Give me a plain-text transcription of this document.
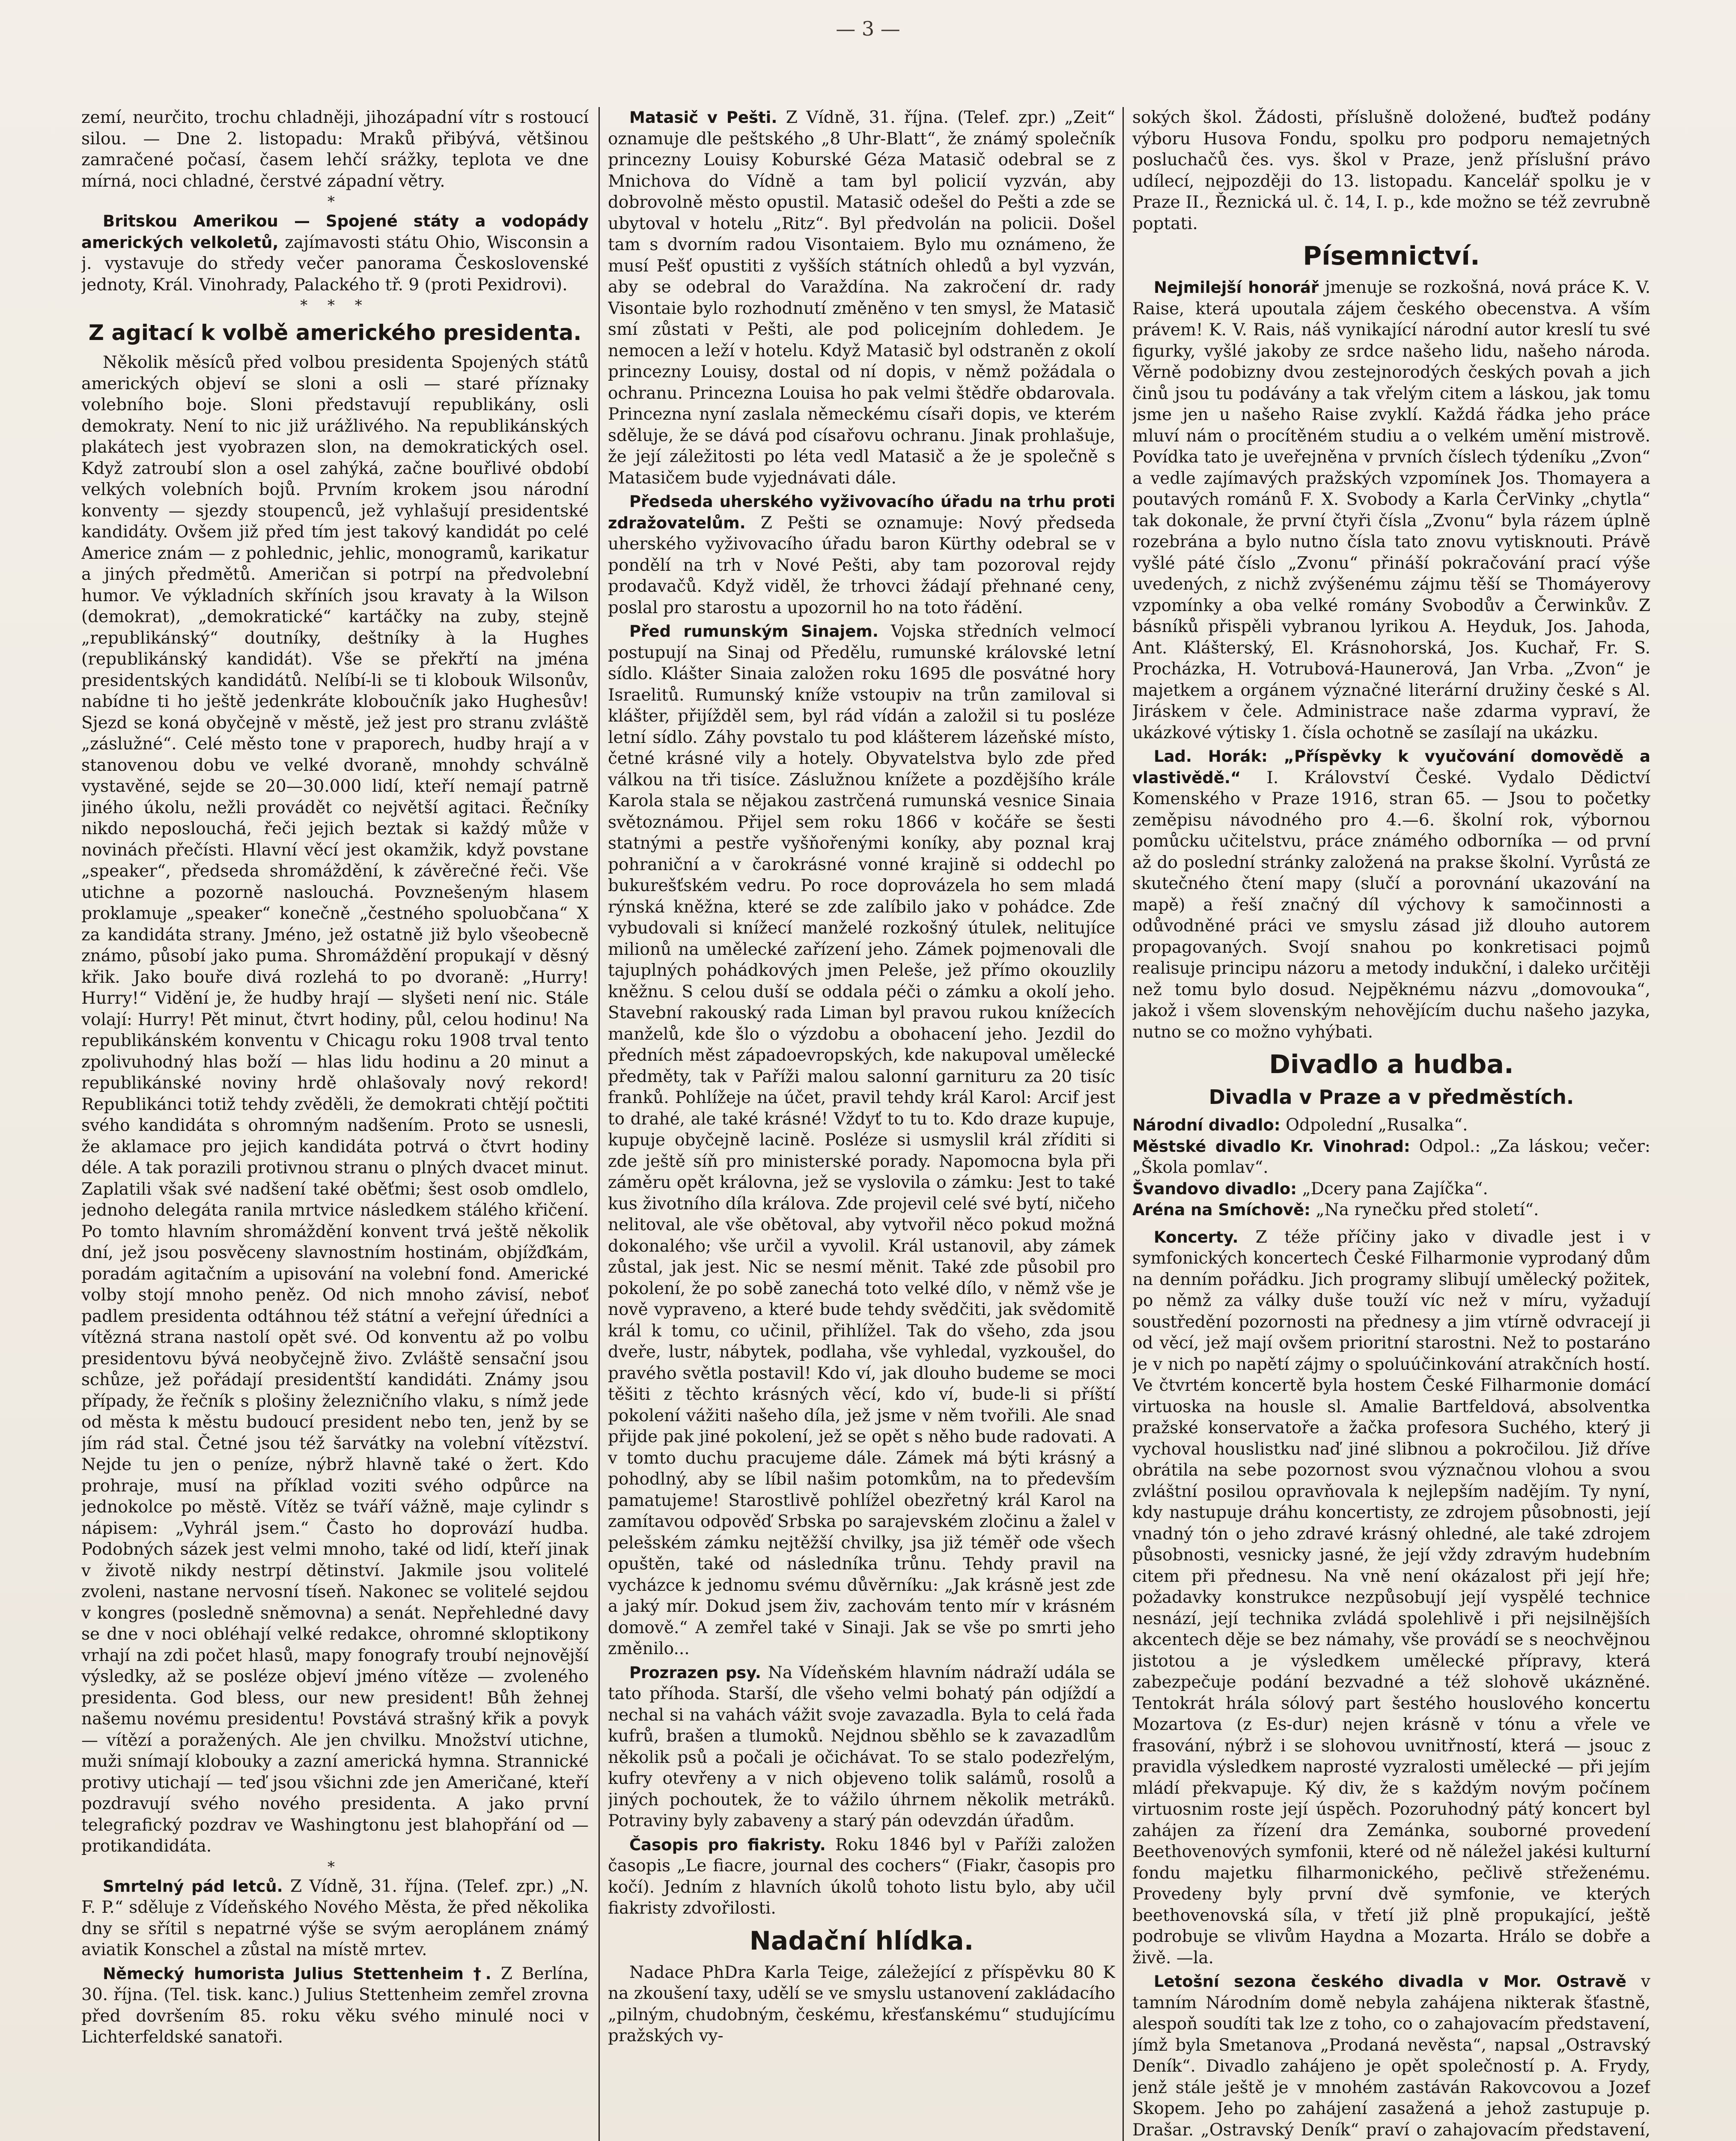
— 3 —

zemí, neurčito, trochu chladněji, jihozápadní vítr s rostoucí silou. — Dne 2. listopadu: Mraků přibývá, většinou zamračené počasí, časem lehčí srážky, teplota ve dne mírná, noci chladné, čerstvé západní větry.

*

Britskou Amerikou — Spojené státy a vodopády amerických velkoletů, zajímavosti státu Ohio, Wisconsin a j. vystavuje do středy večer panorama Československé jednoty, Král. Vinohrady, Palackého tř. 9 (proti Pexidrovi).

* * *
Z agitací k volbě amerického presidenta.

Několik měsíců před volbou presidenta Spojených států amerických objeví se sloni a osli — staré příznaky volebního boje. Sloni představují republikány, osli demokraty. Není to nic již urážlivého. Na republikánských plakátech jest vyobrazen slon, na demokratických osel. Když zatroubí slon a osel zahýká, začne bouřlivé období velkých volebních bojů. Prvním krokem jsou národní konventy — sjezdy stoupenců, jež vyhlašují presidentské kandidáty. Ovšem již před tím jest takový kandidát po celé Americe znám — z pohlednic, jehlic, monogramů, karikatur a jiných předmětů. Američan si potrpí na předvolební humor. Ve výkladních skříních jsou kravaty à la Wilson (demokrat), „demokratické“ kartáčky na zuby, stejně „republikánský“ doutníky, deštníky à la Hughes (republikánský kandidát). Vše se překřtí na jména presidentských kandidátů. Nelíbí-li se ti klobouk Wilsonův, nabídne ti ho ještě jedenkráte kloboučník jako Hughesův! Sjezd se koná obyčejně v městě, jež jest pro stranu zvláště „záslužné“. Celé město tone v praporech, hudby hrají a v stanovenou dobu ve velké dvoraně, mnohdy schválně vystavěné, sejde se 20—30.000 lidí, kteří nemají patrně jiného úkolu, nežli provádět co největší agitaci. Řečníky nikdo neposlouchá, řeči jejich beztak si každý může v novinách přečísti. Hlavní věcí jest okamžik, když povstane „speaker“, předseda shromáždění, k závěrečné řeči. Vše utichne a pozorně naslouchá. Povznešeným hlasem proklamuje „speaker“ konečně „čestného spoluobčana“ X za kandidáta strany. Jméno, jež ostatně již bylo všeobecně známo, působí jako puma. Shromáždění propukají v děsný křik. Jako bouře divá rozlehá to po dvoraně: „Hurry! Hurry!“ Vidění je, že hudby hrají — slyšeti není nic. Stále volají: Hurry! Pět minut, čtvrt hodiny, půl, celou hodinu! Na republikánském konventu v Chicagu roku 1908 trval tento zpolivuhodný hlas boží — hlas lidu hodinu a 20 minut a republikánské noviny hrdě ohlašovaly nový rekord! Republikánci totiž tehdy zvěděli, že demokrati chtějí počtiti svého kandidáta s ohromným nadšením. Proto se usnesli, že aklamace pro jejich kandidáta potrvá o čtvrt hodiny déle. A tak porazili protivnou stranu o plných dvacet minut. Zaplatili však své nadšení také oběťmi; šest osob omdlelo, jednoho delegáta ranila mrtvice následkem stálého křičení. Po tomto hlavním shromáždění konvent trvá ještě několik dní, jež jsou posvěceny slavnostním hostinám, objížďkám, poradám agitačním a upisování na volební fond. Americké volby stojí mnoho peněz. Od nich mnoho závisí, neboť padlem presidenta odtáhnou též státní a veřejní úředníci a vítězná strana nastolí opět své. Od konventu až po volbu presidentovu bývá neobyčejně živo. Zvláště sensační jsou schůze, jež pořádají presidentští kandidáti. Známy jsou případy, že řečník s plošiny železničního vlaku, s nímž jede od města k městu budoucí president nebo ten, jenž by se jím rád stal. Četné jsou též šarvátky na volební vítězství. Nejde tu jen o peníze, nýbrž hlavně také o žert. Kdo prohraje, musí na příklad voziti svého odpůrce na jednokolce po městě. Vítěz se tváří vážně, maje cylindr s nápisem: „Vyhrál jsem.“ Často ho doprovází hudba. Podobných sázek jest velmi mnoho, také od lidí, kteří jinak v životě nikdy nestrpí dětinství. Jakmile jsou volitelé zvoleni, nastane nervosní tíseň. Nakonec se volitelé sejdou v kongres (posledně sněmovna) a senát. Nepřehledné davy se dne v noci obléhají velké redakce, ohromné skloptikony vrhají na zdi počet hlasů, mapy fonografy troubí nejnovější výsledky, až se posléze objeví jméno vítěze — zvoleného presidenta. God bless, our new president! Bůh žehnej našemu novému presidentu! Povstává strašný křik a povyk — vítězí a poražených. Ale jen chvilku. Množství utichne, muži snímají klobouky a zazní americká hymna. Strannické protivy utichají — teď jsou všichni zde jen Američané, kteří pozdravují svého nového presidenta. A jako první telegrafický pozdrav ve Washingtonu jest blahopřání od — protikandidáta.

*

Smrtelný pád letců. Z Vídně, 31. října. (Telef. zpr.) „N. F. P.“ sděluje z Vídeňského Nového Města, že před několika dny se sřítil s nepatrné výše se svým aeroplánem známý aviatik Konschel a zůstal na místě mrtev.

Německý humorista Julius Stettenheim †. Z Berlína, 30. října. (Tel. tisk. kanc.) Julius Stettenheim zemřel zrovna před dovršením 85. roku věku svého minulé noci v Lichterfeldské sanatoři.

Matasič v Pešti. Z Vídně, 31. října. (Telef. zpr.) „Zeit“ oznamuje dle peštského „8 Uhr-Blatt“, že známý společník princezny Louisy Koburské Géza Matasič odebral se z Mnichova do Vídně a tam byl policií vyzván, aby dobrovolně město opustil. Matasič odešel do Pešti a zde se ubytoval v hotelu „Ritz“. Byl předvolán na policii. Došel tam s dvorním radou Visontaiem. Bylo mu oznámeno, že musí Pešť opustiti z vyšších státních ohledů a byl vyzván, aby se odebral do Varaždína. Na zakročení dr. rady Visontaie bylo rozhodnutí změněno v ten smysl, že Matasič smí zůstati v Pešti, ale pod policejním dohledem. Je nemocen a leží v hotelu. Když Matasič byl odstraněn z okolí princezny Louisy, dostal od ní dopis, v němž požádala o ochranu. Princezna Louisa ho pak velmi štědře obdarovala. Princezna nyní zaslala německému císaři dopis, ve kterém sděluje, že se dává pod císařovu ochranu. Jinak prohlašuje, že její záležitosti po léta vedl Matasič a že je společně s Matasičem bude vyjednávati dále.

Předseda uherského vyživovacího úřadu na trhu proti zdražovatelům. Z Pešti se oznamuje: Nový předseda uherského vyživovacího úřadu baron Kürthy odebral se v pondělí na trh v Nové Pešti, aby tam pozoroval rejdy prodavačů. Když viděl, že trhovci žádají přehnané ceny, poslal pro starostu a upozornil ho na toto řádění.

Před rumunským Sinajem. Vojska středních velmocí postupují na Sinaj od Předělu, rumunské královské letní sídlo. Klášter Sinaia založen roku 1695 dle posvátné hory Israelitů. Rumunský kníže vstoupiv na trůn zamiloval si klášter, přijížděl sem, byl rád vídán a založil si tu posléze letní sídlo. Záhy povstalo tu pod klášterem lázeňské místo, četné krásné vily a hotely. Obyvatelstva bylo zde před válkou na tři tisíce. Záslužnou knížete a pozdějšího krále Karola stala se nějakou zastrčená rumunská vesnice Sinaia světoznámou. Přijel sem roku 1866 v kočáře se šesti statnými a pestře vyšňořenými koníky, aby poznal kraj pohraniční a v čarokrásné vonné krajině si oddechl po bukurešťském vedru. Po roce doprovázela ho sem mladá rýnská kněžna, které se zde zalíbilo jako v pohádce. Zde vybudovali si knížecí manželé rozkošný útulek, nelitujíce milionů na umělecké zařízení jeho. Zámek pojmenovali dle tajuplných pohádkových jmen Peleše, jež přímo okouzlily kněžnu. S celou duší se oddala péči o zámku a okolí jeho. Stavební rakouský rada Liman byl pravou rukou knížecích manželů, kde šlo o výzdobu a obohacení jeho. Jezdil do předních měst západoevropských, kde nakupoval umělecké předměty, tak v Paříži malou salonní garnituru za 20 tisíc franků. Pohlížeje na účet, pravil tehdy král Karol: Arcif jest to drahé, ale také krásné! Vždyť to tu to. Kdo draze kupuje, kupuje obyčejně lacině. Posléze si usmyslil král zříditi si zde ještě síň pro ministerské porady. Napomocna byla při záměru opět královna, jež se vyslovila o zámku: Jest to také kus životního díla králova. Zde projevil celé své bytí, ničeho nelitoval, ale vše obětoval, aby vytvořil něco pokud možná dokonalého; vše určil a vyvolil. Král ustanovil, aby zámek zůstal, jak jest. Nic se nesmí měnit. Také zde působil pro pokolení, že po sobě zanechá toto velké dílo, v němž vše je nově vypraveno, a které bude tehdy svědčiti, jak svědomitě král k tomu, co učinil, přihlížel. Tak do všeho, zda jsou dveře, lustr, nábytek, podlaha, vše vyhledal, vyzkoušel, do pravého světla postavil! Kdo ví, jak dlouho budeme se moci těšiti z těchto krásných věcí, kdo ví, bude-li si příští pokolení vážiti našeho díla, jež jsme v něm tvořili. Ale snad přijde pak jiné pokolení, jež se opět s něho bude radovati. A v tomto duchu pracujeme dále. Zámek má býti krásný a pohodlný, aby se líbil našim potomkům, na to především pamatujeme! Starostlivě pohlížel obezřetný král Karol na zamítavou odpověď Srbska po sarajevském zločinu a žalel v pelešském zámku nejtěžší chvilky, jsa již téměř ode všech opuštěn, také od následníka trůnu. Tehdy pravil na vycházce k jednomu svému důvěrníku: „Jak krásně jest zde a jaký mír. Dokud jsem živ, zachovám tento mír v krásném domově.“ A zemřel také v Sinaji. Jak se vše po smrti jeho změnilo...

Prozrazen psy. Na Vídeňském hlavním nádraží udála se tato příhoda. Starší, dle všeho velmi bohatý pán odjíždí a nechal si na vahách vážit svoje zavazadla. Byla to celá řada kufrů, brašen a tlumoků. Nejdnou sběhlo se k zavazadlům několik psů a počali je očichávat. To se stalo podezřelým, kufry otevřeny a v nich objeveno tolik salámů, rosolů a jiných pochoutek, že to vážilo úhrnem několik metráků. Potraviny byly zabaveny a starý pán odevzdán úřadům.

Časopis pro fiakristy. Roku 1846 byl v Paříži založen časopis „Le fiacre, journal des cochers“ (Fiakr, časopis pro kočí). Jedním z hlavních úkolů tohoto listu bylo, aby učil fiakristy zdvořilosti.

Nadační hlídka.

Nadace PhDra Karla Teige, záležející z příspěvku 80 K na zkoušení taxy, udělí se ve smyslu ustanovení zakládacího „pilným, chudobným, českému, křesťanskému“ studujícímu pražských vy-

sokých škol. Žádosti, příslušně doložené, buďtež podány výboru Husova Fondu, spolku pro podporu nemajetných posluchačů čes. vys. škol v Praze, jenž příslušní právo udílecí, nejpozději do 13. listopadu. Kancelář spolku je v Praze II., Řeznická ul. č. 14, I. p., kde možno se též zevrubně poptati.

Písemnictví.

Nejmilejší honorář jmenuje se rozkošná, nová práce K. V. Raise, která upoutala zájem českého obecenstva. A vším právem! K. V. Rais, náš vynikající národní autor kreslí tu své figurky, vyšlé jakoby ze srdce našeho lidu, našeho národa. Věrně podobizny dvou zestejnorodých českých povah a jich činů jsou tu podávány a tak vřelým citem a láskou, jak tomu jsme jen u našeho Raise zvyklí. Každá řádka jeho práce mluví nám o procítěném studiu a o velkém umění mistrově. Povídka tato je uveřejněna v prvních číslech týdeníku „Zvon“ a vedle zajímavých pražských vzpomínek Jos. Thomayera a poutavých románů F. X. Svobody a Karla ČerVinky „chytla“ tak dokonale, že první čtyři čísla „Zvonu“ byla rázem úplně rozebrána a bylo nutno čísla tato znovu vytisknouti. Právě vyšlé páté číslo „Zvonu“ přináší pokračování prací výše uvedených, z nichž zvýšenému zájmu těší se Thomáyerovy vzpomínky a oba velké romány Svobodův a Čerwinkův. Z básníků přispěli vybranou lyrikou A. Heyduk, Jos. Jahoda, Ant. Klášterský, El. Krásnohorská, Jos. Kuchař, Fr. S. Procházka, H. Votrubová-Haunerová, Jan Vrba. „Zvon“ je majetkem a orgánem význačné literární družiny české s Al. Jiráskem v čele. Administrace naše zdarma vypraví, že ukázkové výtisky 1. čísla ochotně se zasílají na ukázku.

Lad. Horák: „Příspěvky k vyučování domovědě a vlastivědě.“ I. Království České. Vydalo Dědictví Komenského v Praze 1916, stran 65. — Jsou to početky zeměpisu návodného pro 4.—6. školní rok, výbornou pomůcku učitelstvu, práce známého odborníka — od první až do poslední stránky založená na prakse školní. Vyrůstá ze skutečného čtení mapy (slučí a porovnání ukazování na mapě) a řeší značný díl výchovy k samočinnosti a odůvodněné práci ve smyslu zásad již dlouho autorem propagovaných. Svojí snahou po konkretisaci pojmů realisuje principu názoru a metody indukční, i daleko určitěji než tomu bylo dosud. Nejpěknému názvu „domovouka“, jakož i všem slovenským nehovějícím duchu našeho jazyka, nutno se co možno vyhýbati.

Divadlo a hudba.
Divadla v Praze a v předměstích.

Národní divadlo: Odpolední „Rusalka“.

Městské divadlo Kr. Vinohrad: Odpol.: „Za láskou; večer: „Škola pomlav“.

Švandovo divadlo: „Dcery pana Zajíčka“.

Aréna na Smíchově: „Na rynečku před století“.

Koncerty. Z téže příčiny jako v divadle jest i v symfonických koncertech České Filharmonie vyprodaný dům na denním pořádku. Jich programy slibují umělecký požitek, po němž za války duše touží víc než v míru, vyžadují soustředění pozornosti na přednesy a jim vtírně odvracejí ji od věcí, jež mají ovšem prioritní starostni. Než to postaráno je v nich po napětí zájmy o spoluúčinkování atrakčních hostí. Ve čtvrtém koncertě byla hostem České Filharmonie domácí virtuoska na housle sl. Amalie Bartfeldová, absolventka pražské konservatoře a žačka profesora Suchého, který ji vychoval houslistku naď jiné slibnou a pokročilou. Již dříve obrátila na sebe pozornost svou význačnou vlohou a svou zvláštní posilou opravňovala k nejlepším nadějím. Ty nyní, kdy nastupuje dráhu koncertisty, ze zdrojem působnosti, její vnadný tón o jeho zdravé krásný ohledné, ale také zdrojem působnosti, vesnicky jasné, že její vždy zdravým hudebním citem při přednesu. Na vně není okázalost při její hře; požadavky konstrukce nezpůsobují její vyspělé technice nesnází, její technika zvládá spolehlivě i při nejsilnějších akcentech děje se bez námahy, vše provádí se s neochvějnou jistotou a je výsledkem umělecké přípravy, která zabezpečuje podání bezvadné a též slohově ukázněné. Tentokrát hrála sólový part šestého houslového koncertu Mozartova (z Es-dur) nejen krásně v tónu a vřele ve frasování, nýbrž i se slohovou uvnitřností, která — jsouc z pravidla výsledkem naprosté vyzralosti umělecké — při jejím mládí překvapuje. Ký div, že s každým novým počínem virtuosnim roste její úspěch. Pozoruhodný pátý koncert byl zahájen za řízení dra Zemánka, souborné provedení Beethovenových symfonii, které od ně náležel jakési kulturní fondu majetku filharmonického, pečlivě střeženému. Provedeny byly první dvě symfonie, ve kterých beethovenovská síla, v třetí již plně propukající, ještě podrobuje se vlivům Haydna a Mozarta. Hrálo se dobře a živě. —la.

Letošní sezona českého divadla v Mor. Ostravě v tamním Národním domě nebyla zahájena nikterak šťastně, alespoň soudíti tak lze z toho, co o zahajovacím představení, jímž byla Smetanova „Prodaná nevěsta“, napsal „Ostravský Deník“. Divadlo zahájeno je opět společností p. A. Frydy, jenž stále ještě je v mnohém zastáván Rakovcovou a Jozef Skopem. Jeho po zahájení zasažená a jehož zastupuje p. Drašar. „Ostravský Deník“ praví o zahajovacím představení,
